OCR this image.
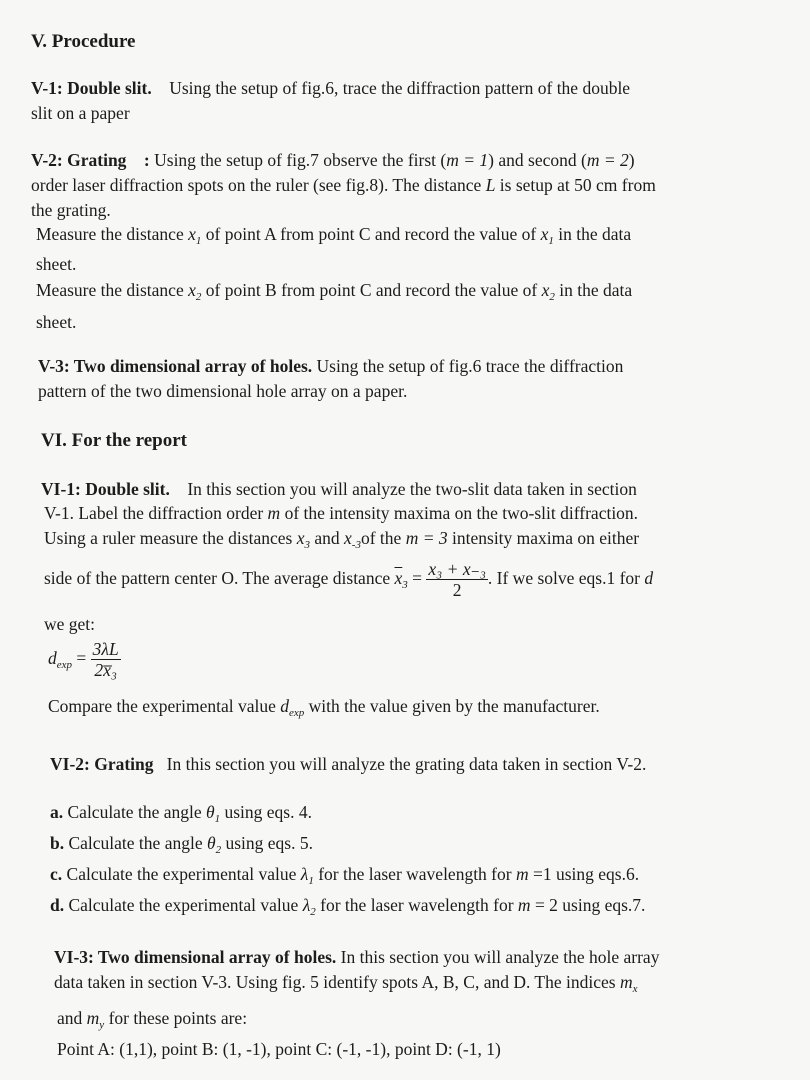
V. Procedure
V-1: Double slit. Using the setup of fig.6, trace the diffraction pattern of the double
slit on a paper
V-2: Grating : Using the setup of fig.7 observe the first (m = 1) and second (m = 2)
order laser diffraction spots on the ruler (see fig.8). The distance L is setup at 50 cm from
the grating.
Measure the distance $x_1$ of point A from point C and record the value of $x_1$ in the data
sheet.
Measure the distance $x_2$ of point B from point C and record the value of $x_2$ in the data
sheet.
V-3: Two dimensional array of holes. Using the setup of fig.6 trace the diffraction
pattern of the two dimensional hole array on a paper.
VI. For the report
VI-1: Double slit. In this section you will analyze the two-slit data taken in section
V-1. Label the diffraction order m of the intensity maxima on the two-slit diffraction.
Using a ruler measure the distances $x_3$ and $x_{-3}of$ the m = 3 intensity maxima on either
side of the pattern center O. The average distance $\overline{x}_3 = \frac{\text{x₃ + x₋₃}}{2}$ . If we solve eqs.1 for d
we get:
$d_{exp} = \frac{3\lambda L}{\text{2x̅₃}}$
Compare the experimental value $d_{exp}$ with the value given by the manufacturer.
VI-2: Grating In this section you will analyze the grating data taken in section V-2.
a. Calculate the angle $\theta_1$ using eqs. 4.
b. Calculate the angle $\theta_2$ using eqs. 5.
c. Calculate the experimental value $\lambda_1$ for the laser wavelength for m =1 using eqs.6.
d. Calculate the experimental value $\lambda_2$ for the laser wavelength for m = 2 using eqs.7.
VI-3: Two dimensional array of holes. In this section you will analyze the hole array
data taken in section V-3. Using fig. 5 identify spots A, B, C, and D. The indices $m_x$
and $m_y$ for these points are:
Point A: (1,1), point B: (1, -1), point C: (-1, -1), point D: (-1, 1)
